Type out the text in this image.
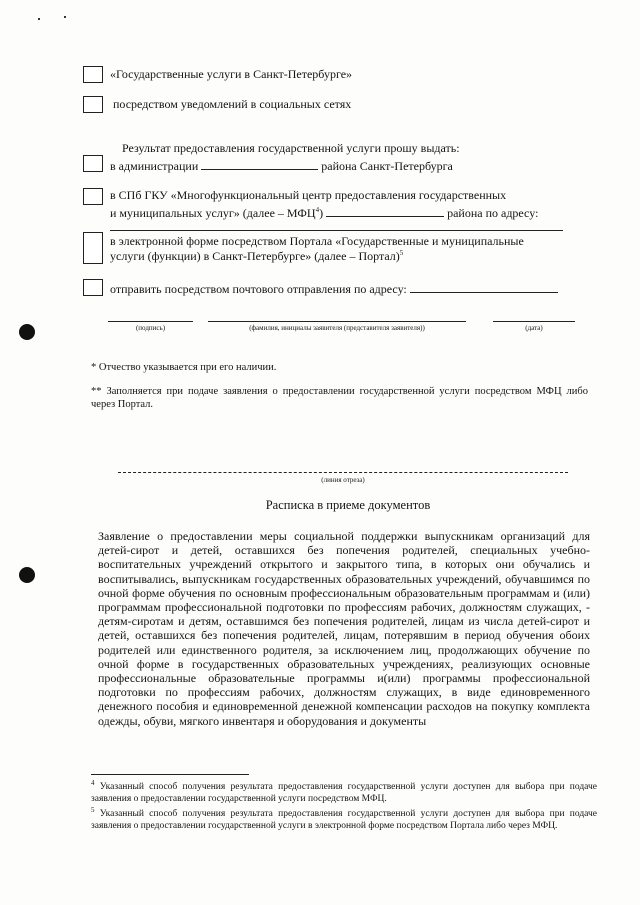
«Государственные услуги в Санкт-Петербурге»
посредством уведомлений в социальных сетях
Результат предоставления государственной услуги прошу выдать:
в администрации	района Санкт-Петербурга
в СПб ГКУ «Многофункциональный центр предоставления государственных
и муниципальных услуг» (далее – МФЦ$^4$)	района по адресу:
в электронной форме посредством Портала «Государственные и муниципальные
услуги (функции) в Санкт-Петербурге» (далее – Портал)$^5$
отправить посредством почтового отправления по адресу:
(подпись)	(фамилия, инициалы заявителя (представителя заявителя))	(дата)
* Отчество указывается при его наличии.
** Заполняется при подаче заявления о предоставлении государственной услуги посредством МФЦ либо через Портал.
(линия отреза)
Расписка в приеме документов
Заявление о предоставлении меры социальной поддержки выпускникам организаций для детей-сирот и детей, оставшихся без попечения родителей, специальных учебно-воспитательных учреждений открытого и закрытого типа, в которых они обучались и воспитывались, выпускникам государственных образовательных учреждений, обучавшимся по очной форме обучения по основным профессиональным образовательным программам и (или) программам профессиональной подготовки по профессиям рабочих, должностям служащих, - детям-сиротам и детям, оставшимся без попечения родителей, лицам из числа детей-сирот и детей, оставшихся без попечения родителей, лицам, потерявшим в период обучения обоих родителей или единственного родителя, за исключением лиц, продолжающих обучение по очной форме в государственных образовательных учреждениях, реализующих основные профессиональные образовательные программы и(или) программы профессиональной подготовки по профессиям рабочих, должностям служащих, в виде единовременного денежного пособия и единовременной денежной компенсации расходов на покупку комплекта одежды, обуви, мягкого инвентаря и оборудования и документы
$^4$ Указанный способ получения результата предоставления государственной услуги доступен для выбора при подаче заявления о предоставлении государственной услуги посредством МФЦ.
$^5$ Указанный способ получения результата предоставления государственной услуги доступен для выбора при подаче заявления о предоставлении государственной услуги в электронной форме посредством Портала либо через МФЦ.
